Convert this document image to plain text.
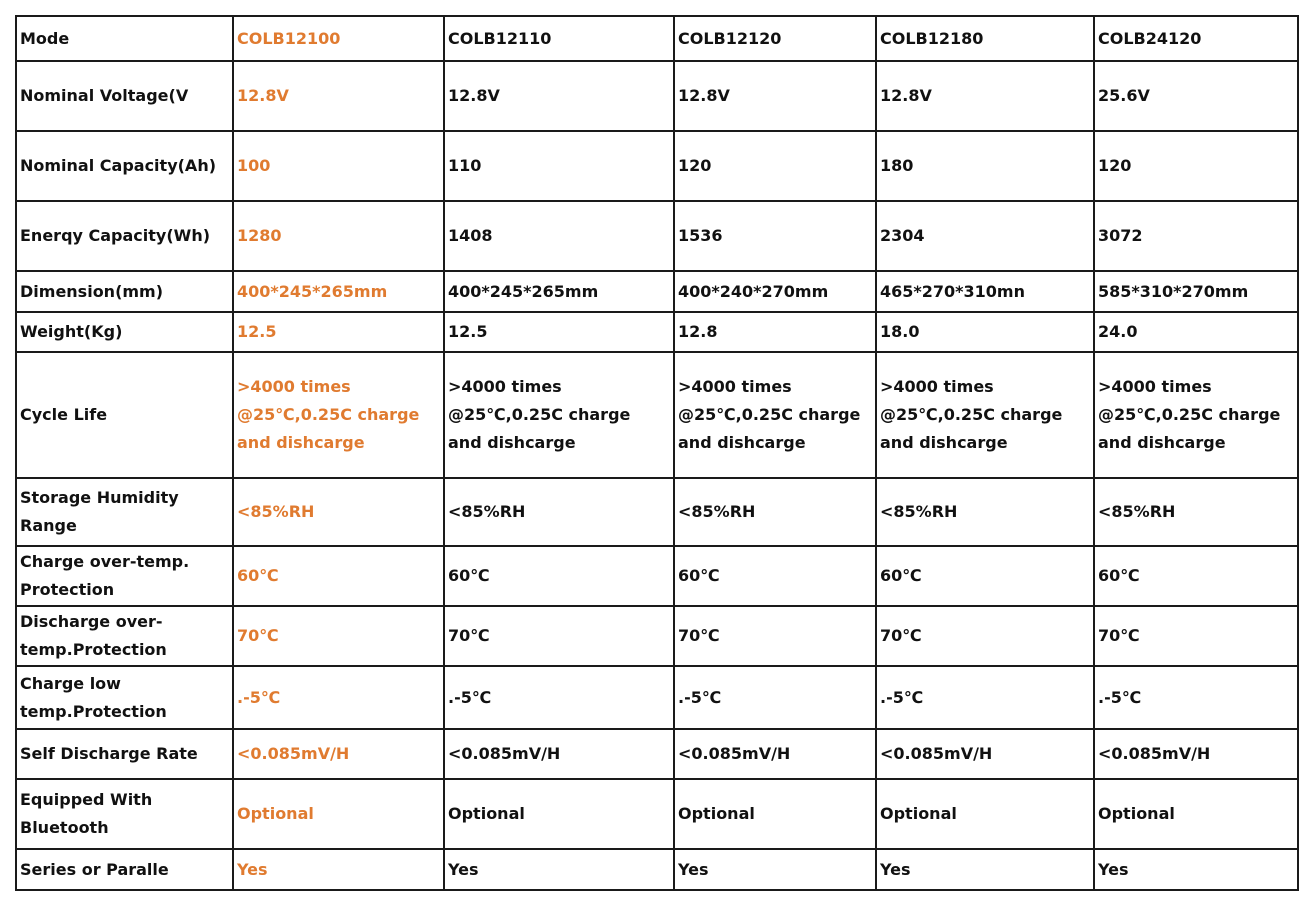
Mode	COLB12100	COLB12110	COLB12120	COLB12180	COLB24120
Nominal Voltage(V	12.8V	12.8V	12.8V	12.8V	25.6V
Nominal Capacity(Ah)	100	110	120	180	120
Enerqy Capacity(Wh)	1280	1408	1536	2304	3072
Dimension(mm)	400*245*265mm	400*245*265mm	400*240*270mm	465*270*310mn	585*310*270mm
Weight(Kg)	12.5	12.5	12.8	18.0	24.0
Cycle Life	>4000 times @25℃,0.25C charge and dishcarge	>4000 times @25℃,0.25C charge and dishcarge	>4000 times @25℃,0.25C charge and dishcarge	>4000 times @25℃,0.25C charge and dishcarge	>4000 times @25℃,0.25C charge and dishcarge
Storage Humidity Range	<85%RH	<85%RH	<85%RH	<85%RH	<85%RH
Charge over-temp. Protection	60℃	60℃	60℃	60℃	60℃
Discharge over-temp.Protection	70℃	70℃	70℃	70℃	70℃
Charge low temp.Protection	.-5℃	.-5℃	.-5℃	.-5℃	.-5℃
Self Discharge Rate	<0.085mV/H	<0.085mV/H	<0.085mV/H	<0.085mV/H	<0.085mV/H
Equipped With Bluetooth	Optional	Optional	Optional	Optional	Optional
Series or Paralle	Yes	Yes	Yes	Yes	Yes
